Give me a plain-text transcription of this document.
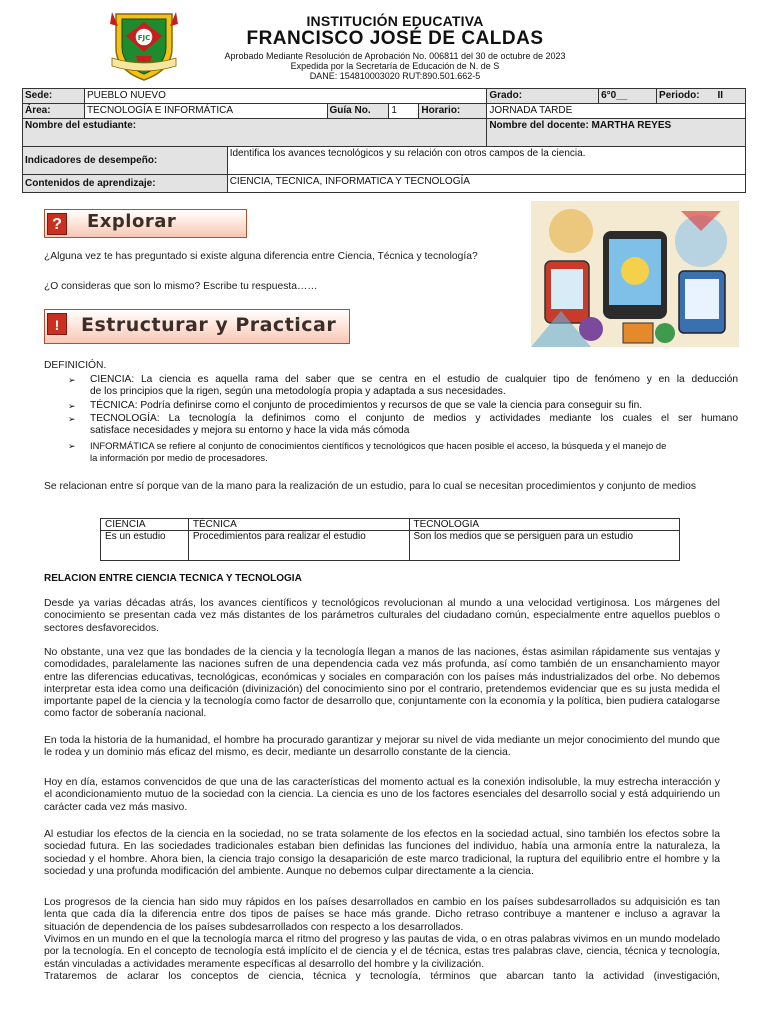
FJC
INSTITUCIÓN EDUCATIVA
FRANCISCO JOSÉ DE CALDAS
Aprobado Mediante Resolución de Aprobación No. 006811 del 30 de octubre de 2023
Expedida por la Secretaría de Educación de N. de S
DANE: 154810003020 RUT:890.501.662-5
Sede:	PUEBLO NUEVO					Grado:	6°0__	Periodo: II

Área:	TECNOLOGÍA E INFORMÁTICA		Guía No.	1	Horario:	JORNADA TARDE		
Nombre del estudiante:						Nombre del docente: MARTHA REYES		
Indicadores de desempeño:		Identifica los avances tecnológicos y su relación con otros campos de la ciencia.						
Contenidos de aprendizaje:		CIENCIA, TECNICA, INFORMATICA Y TECNOLOGÍA						
? Explorar
¿Alguna vez te has preguntado si existe alguna diferencia entre Ciencia, Técnica y tecnología?
¿O consideras que son lo mismo? Escribe tu respuesta……
!	Estructurar y Practicar
DEFINICIÓN.
➢ CIENCIA: La ciencia es aquella rama del saber que se centra en el estudio de cualquier tipo de fenómeno y en la deducción
de los principios que la rigen, según una metodología propia y adaptada a sus necesidades.
➢ TÉCNICA: Podría definirse como el conjunto de procedimientos y recursos de que se vale la ciencia para conseguir su fin.
➢ TECNOLOGÍA: La tecnología la definimos como el conjunto de medios y actividades mediante los cuales el ser humano
satisface necesidades y mejora su entorno y hace la vida más cómoda
➢ INFORMÁTICA se refiere al conjunto de conocimientos científicos y tecnológicos que hacen posible el acceso, la búsqueda y el manejo de
la información por medio de procesadores.
Se relacionan entre sí porque van de la mano para la realización de un estudio, para lo cual se necesitan procedimientos y conjunto de medios
CIENCIA	TÉCNICA	TECNOLOGIA
Es un estudio	Procedimientos para realizar el estudio	Son los medios que se persiguen para un estudio
RELACION ENTRE CIENCIA TECNICA Y TECNOLOGIA
Desde ya varias décadas atrás, los avances científicos y tecnológicos revolucionan al mundo a una velocidad vertiginosa. Los márgenes del conocimiento se presentan cada vez más distantes de los parámetros culturales del ciudadano común, especialmente entre aquellos pueblos o sectores desfavorecidos.
No obstante, una vez que las bondades de la ciencia y la tecnología llegan a manos de las naciones, éstas asimilan rápidamente sus ventajas y comodidades, paralelamente las naciones sufren de una dependencia cada vez más profunda, así como también de un ensanchamiento mayor entre las diferencias educativas, tecnológicas, económicas y sociales en comparación con los países más industrializados del orbe. No debemos interpretar esta idea como una deificación (divinización) del conocimiento sino por el contrario, pretendemos evidenciar que es su justa medida el importante papel de la ciencia y la tecnología como factor de desarrollo que, conjuntamente con la economía y la política, bien pudiera catalogarse como factor de soberanía nacional.
En toda la historia de la humanidad, el hombre ha procurado garantizar y mejorar su nivel de vida mediante un mejor conocimiento del mundo que le rodea y un dominio más eficaz del mismo, es decir, mediante un desarrollo constante de la ciencia.
Hoy en día, estamos convencidos de que una de las características del momento actual es la conexión indisoluble, la muy estrecha interacción y el acondicionamiento mutuo de la sociedad con la ciencia. La ciencia es uno de los factores esenciales del desarrollo social y está adquiriendo un carácter cada vez más masivo.
Al estudiar los efectos de la ciencia en la sociedad, no se trata solamente de los efectos en la sociedad actual, sino también los efectos sobre la sociedad futura. En las sociedades tradicionales estaban bien definidas las funciones del individuo, había una armonía entre la naturaleza, la sociedad y el hombre. Ahora bien, la ciencia trajo consigo la desaparición de este marco tradicional, la ruptura del equilibrio entre el hombre y la sociedad y una profunda modificación del ambiente. Aunque no debemos culpar directamente a la ciencia.
Los progresos de la ciencia han sido muy rápidos en los países desarrollados en cambio en los países subdesarrollados su adquisición es tan lenta que cada día la diferencia entre dos tipos de países se hace más grande. Dicho retraso contribuye a mantener e incluso a agravar la situación de dependencia de los países subdesarrollados con respecto a los desarrollados.
Vivimos en un mundo en el que la tecnología marca el ritmo del progreso y las pautas de vida, o en otras palabras vivimos en un mundo modelado por la tecnología. En el concepto de tecnología está implícito el de ciencia y el de técnica, estas tres palabras clave, ciencia, técnica y tecnología, están vinculadas a actividades meramente específicas al desarrollo del hombre y la civilización.
Trataremos de aclarar los conceptos de ciencia, técnica y tecnología, términos que abarcan tanto la actividad (investigación,
